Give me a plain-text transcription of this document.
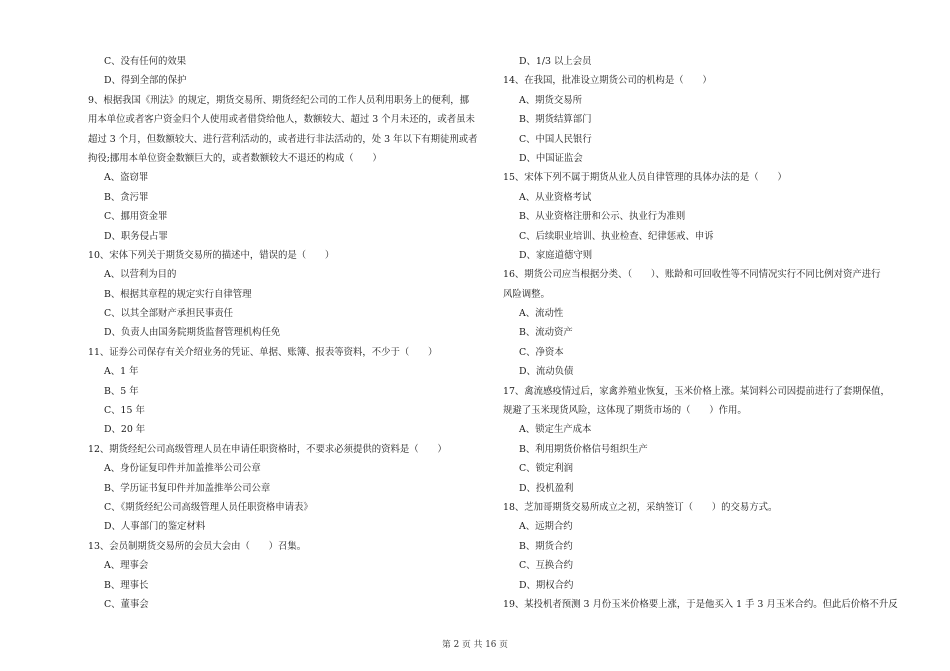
C、没有任何的效果
D、得到全部的保护
9、根据我国《刑法》的规定，期货交易所、期货经纪公司的工作人员利用职务上的便利，挪
用本单位或者客户资金归个人使用或者借贷给他人，数额较大、超过 3 个月未还的，或者虽未
超过 3 个月，但数额较大、进行营利活动的，或者进行非法活动的，处 3 年以下有期徒刑或者
拘役;挪用本单位资金数额巨大的，或者数额较大不退还的构成（　　）
A、盗窃罪
B、贪污罪
C、挪用资金罪
D、职务侵占罪
10、宋体下列关于期货交易所的描述中，错误的是（　　）
A、以营利为目的
B、根据其章程的规定实行自律管理
C、以其全部财产承担民事责任
D、负责人由国务院期货监督管理机构任免
11、证券公司保存有关介绍业务的凭证、单据、账簿、报表等资料，不少于（　　）
A、1 年
B、5 年
C、15 年
D、20 年
12、期货经纪公司高级管理人员在申请任职资格时，不要求必须提供的资料是（　　）
A、身份证复印件并加盖推举公司公章
B、学历证书复印件并加盖推举公司公章
C、《期货经纪公司高级管理人员任职资格申请表》
D、人事部门的鉴定材料
13、会员制期货交易所的会员大会由（　　）召集。
A、理事会
B、理事长
C、董事会
D、1/3 以上会员
14、在我国，批准设立期货公司的机构是（　　）
A、期货交易所
B、期货结算部门
C、中国人民银行
D、中国证监会
15、宋体下列不属于期货从业人员自律管理的具体办法的是（　　）
A、从业资格考试
B、从业资格注册和公示、执业行为准则
C、后续职业培训、执业检查、纪律惩戒、申诉
D、家庭道德守则
16、期货公司应当根据分类、（　　）、账龄和可回收性等不同情况实行不同比例对资产进行
风险调整。
A、流动性
B、流动资产
C、净资本
D、流动负债
17、禽流感疫情过后，家禽养殖业恢复，玉米价格上涨。某饲料公司因提前进行了套期保值，
规避了玉米现货风险，这体现了期货市场的（　　）作用。
A、锁定生产成本
B、利用期货价格信号组织生产
C、锁定利润
D、投机盈利
18、芝加哥期货交易所成立之初，采纳签订（　　）的交易方式。
A、远期合约
B、期货合约
C、互换合约
D、期权合约
19、某投机者预测 3 月份玉米价格要上涨，于是他买入 1 手 3 月玉米合约。但此后价格不升反
第 2 页 共 16 页
